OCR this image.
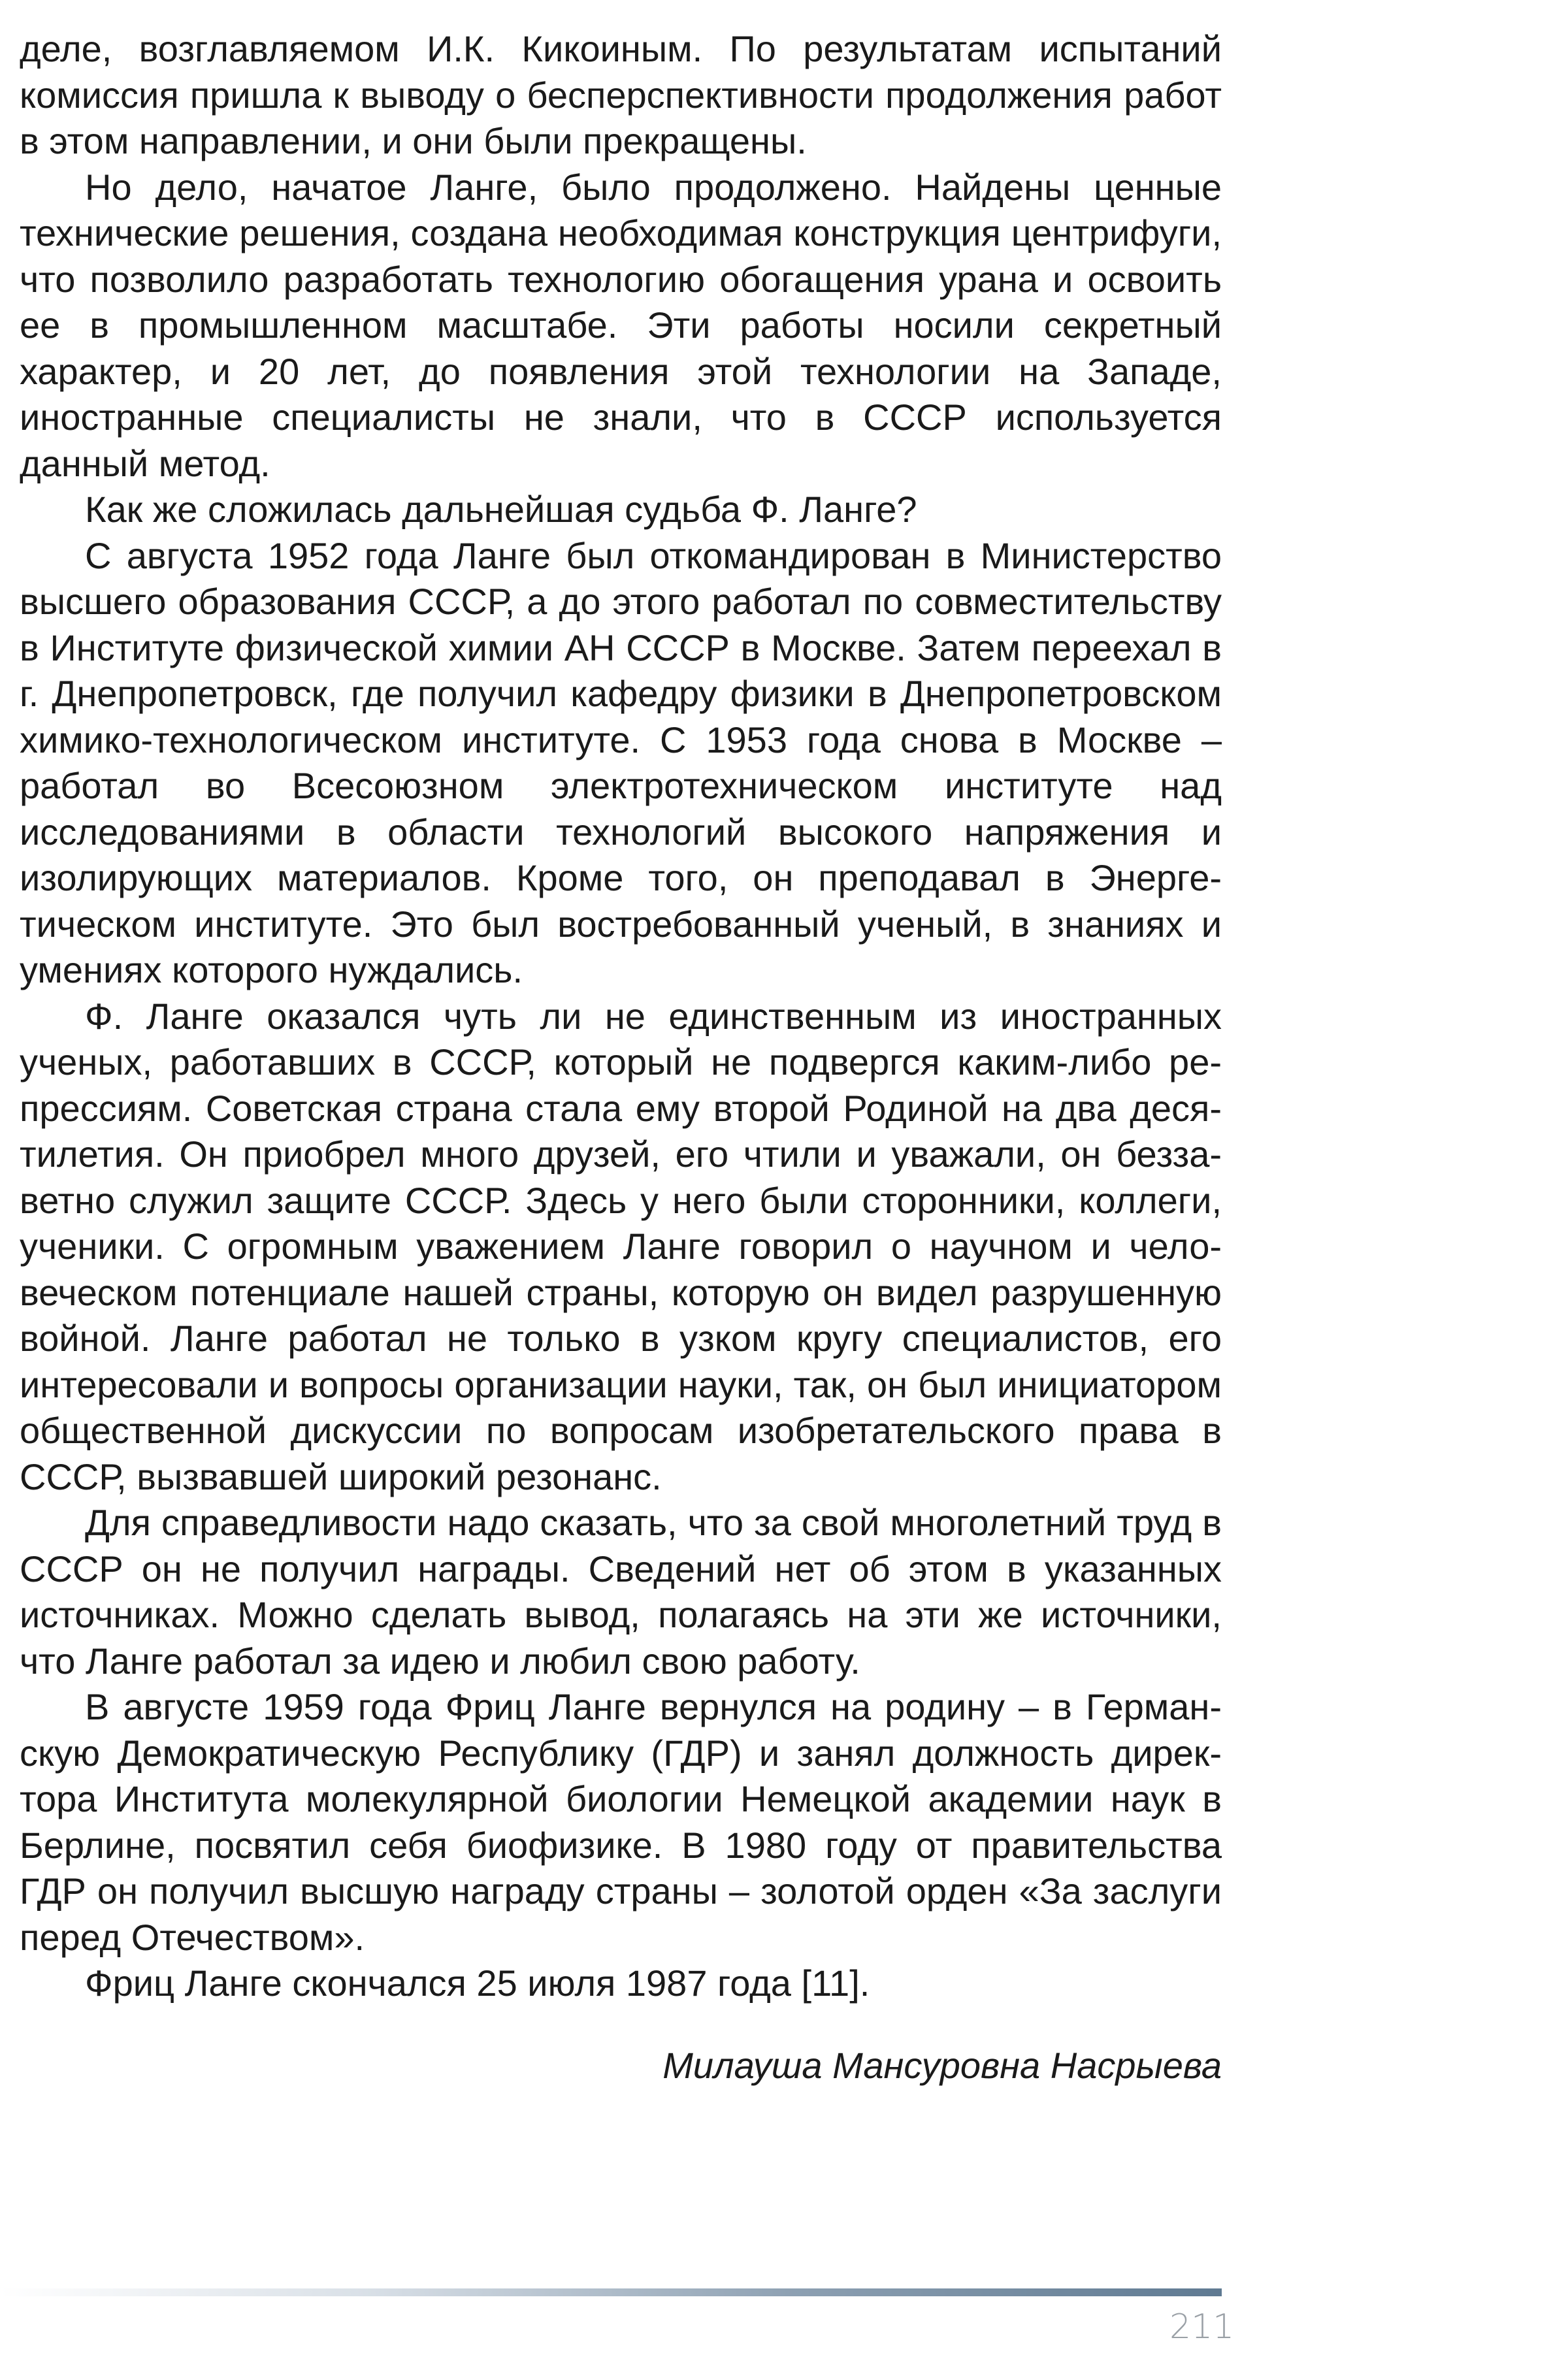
деле, возглавляемом И.К. Кикоиным. По результатам испытаний комиссия пришла к выводу о бесперспективности продолжения работ в этом направлении, и они были прекращены.

Но дело, начатое Ланге, было продолжено. Найдены ценные технические решения, создана необходимая конструкция центрифуги, что позволило разработать технологию обогащения урана и освоить ее в промышленном масштабе. Эти работы носили секретный характер, и 20 лет, до появления этой технологии на Западе, иностранные специалисты не знали, что в СССР используется данный метод.

Как же сложилась дальнейшая судьба Ф. Ланге?

С августа 1952 года Ланге был откомандирован в Министерство высшего образования СССР, а до этого работал по совместительству в Институте физической химии АН СССР в Москве. Затем переехал в г. Днепропетровск, где получил кафедру физики в Днепропетровском химико-технологическом институте. С 1953 года снова в Москве – работал во Всесоюзном электротехническом институте над исследованиями в области технологий высокого напряжения и изолирующих материалов. Кроме того, он преподавал в Энергетическом институте. Это был востребованный ученый, в знаниях и умениях которого нуждались.

Ф. Ланге оказался чуть ли не единственным из иностранных ученых, работавших в СССР, который не подвергся каким-либо репрессиям. Советская страна стала ему второй Родиной на два десятилетия. Он приобрел много друзей, его чтили и уважали, он беззаветно служил защите СССР. Здесь у него были сторонники, коллеги, ученики. С огромным уважением Ланге говорил о научном и человеческом потенциале нашей страны, которую он видел разрушенную войной. Ланге работал не только в узком кругу специалистов, его интересовали и вопросы организации науки, так, он был инициатором общественной дискуссии по вопросам изобретательского права в СССР, вызвавшей широкий резонанс.

Для справедливости надо сказать, что за свой многолетний труд в СССР он не получил награды. Сведений нет об этом в указанных источниках. Можно сделать вывод, полагаясь на эти же источники, что Ланге работал за идею и любил свою работу.

В августе 1959 года Фриц Ланге вернулся на родину – в Германскую Демократическую Республику (ГДР) и занял должность директора Института молекулярной биологии Немецкой академии наук в Берлине, посвятил себя биофизике. В 1980 году от правительства ГДР он получил высшую награду страны – золотой орден «За заслуги перед Отечеством».

Фриц Ланге скончался 25 июля 1987 года [11].

Милауша Мансуровна Насрыева

211
